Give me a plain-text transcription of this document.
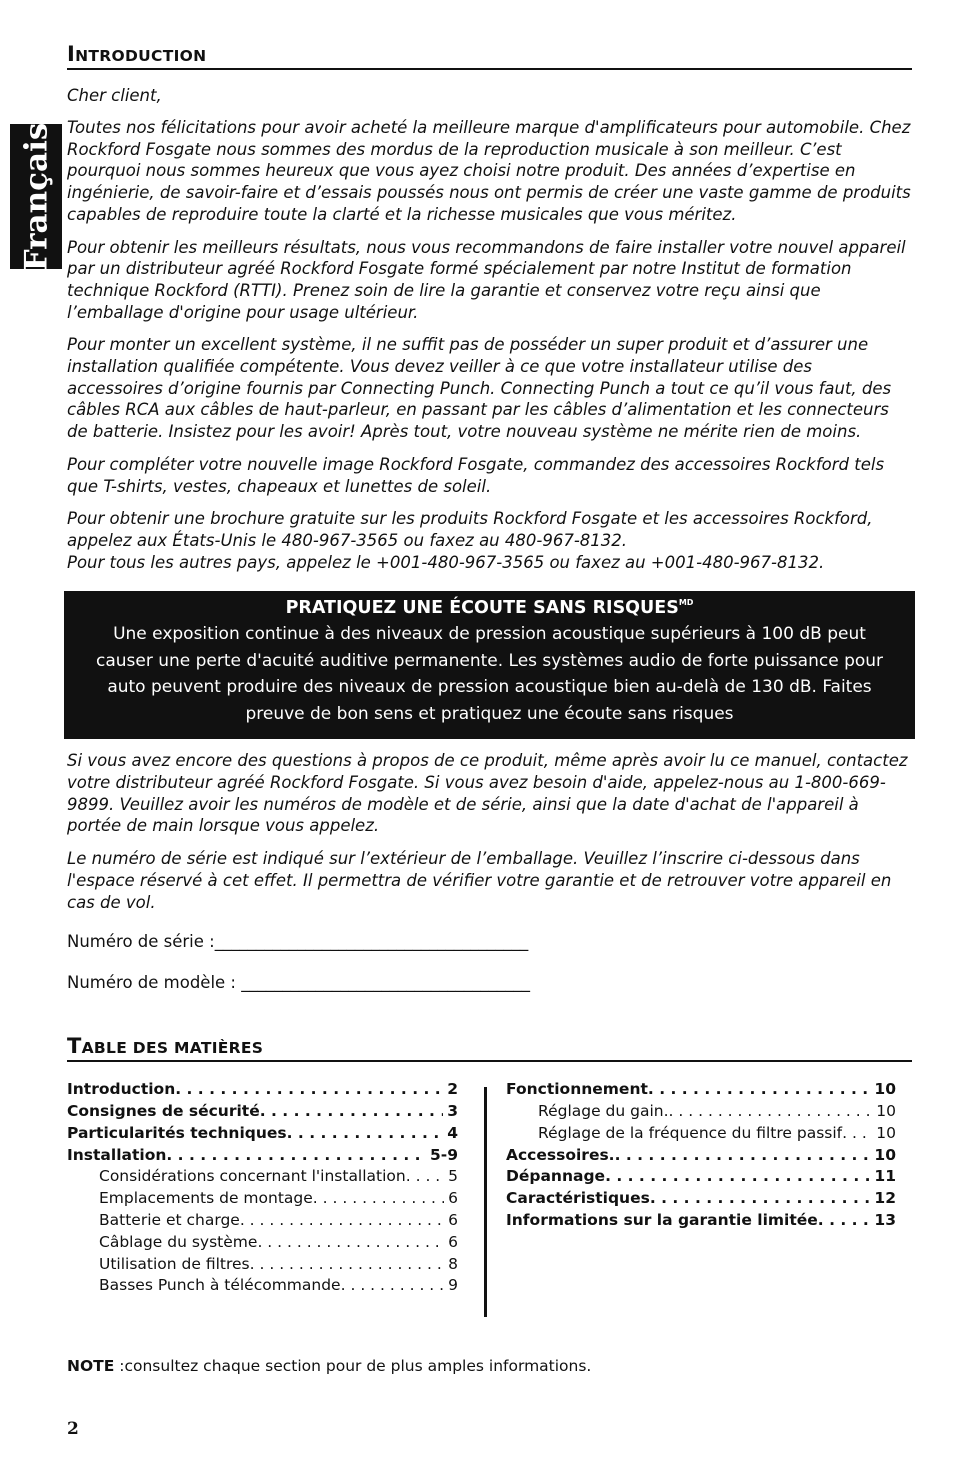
Français
INTRODUCTION

Cher client,

Toutes nos félicitations pour avoir acheté la meilleure marque d'amplificateurs pour automobile. Chez Rockford Fosgate nous sommes des mordus de la reproduction musicale à son meilleur. C’est pourquoi nous sommes heureux que vous ayez choisi notre produit. Des années d’expertise en ingénierie, de savoir-faire et d’essais poussés nous ont permis de créer une vaste gamme de produits capables de reproduire toute la clarté et la richesse musicales que vous méritez.

Pour obtenir les meilleurs résultats, nous vous recommandons de faire installer votre nouvel appareil par un distributeur agréé Rockford Fosgate formé spécialement par notre Institut de formation technique Rockford (RTTI). Prenez soin de lire la garantie et conservez votre reçu ainsi que l’emballage d'origine pour usage ultérieur.

Pour monter un excellent système, il ne suffit pas de posséder un super produit et d’assurer une installation qualifiée compétente. Vous devez veiller à ce que votre installateur utilise des accessoires d’origine fournis par Connecting Punch. Connecting Punch a tout ce qu’il vous faut, des câbles RCA aux câbles de haut-parleur, en passant par les câbles d’alimentation et les connecteurs de batterie. Insistez pour les avoir! Après tout, votre nouveau système ne mérite rien de moins.

Pour compléter votre nouvelle image Rockford Fosgate, commandez des accessoires Rockford tels que T-shirts, vestes, chapeaux et lunettes de soleil.

Pour obtenir une brochure gratuite sur les produits Rockford Fosgate et les accessoires Rockford, appelez aux États-Unis le 480-967-3565 ou faxez au 480-967-8132.

Pour tous les autres pays, appelez le +001-480-967-3565 ou faxez au +001-480-967-8132.

PRATIQUEZ UNE ÉCOUTE SANS $RISQUES^{MD}$
Une exposition continue à des niveaux de pression acoustique supérieurs à 100 dB peut causer une perte d'acuité auditive permanente. Les systèmes audio de forte puissance pour auto peuvent produire des niveaux de pression acoustique bien au-delà de 130 dB. Faites preuve de bon sens et pratiquez une écoute sans risques

Si vous avez encore des questions à propos de ce produit, même après avoir lu ce manuel, contactez votre distributeur agréé Rockford Fosgate. Si vous avez besoin d'aide, appelez-nous au 1-800-669-9899. Veuillez avoir les numéros de modèle et de série, ainsi que la date d'achat de l'appareil à portée de main lorsque vous appelez.

Le numéro de série est indiqué sur l’extérieur de l’emballage. Veuillez l’inscrire ci-dessous dans l'espace réservé à cet effet. Il permettra de vérifier votre garantie et de retrouver votre appareil en cas de vol.

Numéro de série :______________________________________

Numéro de modèle : ___________________________________

TABLE DES MATIÈRES
Introduction . . .	2
Consignes de sécurité . . .	3
Particularités techniques . . .	4
Installation . . .	5-9
Considérations concernant l'installation . . .	5
Emplacements de montage . . .	6
Batterie et charge . . .	6
Câblage du système . . .	6
Utilisation de filtres . . .	8
Basses Punch à télécommande . . .	9
Fonctionnement . . .	10
Réglage du gain. . . .	10
Réglage de la fréquence du filtre passif . . . 10
Accessoires. . . .	10
Dépannage . . .	11
Caractéristiques . . .	12
Informations sur la garantie limitée . . .	13
NOTE :consultez chaque section pour de plus amples informations.
2
